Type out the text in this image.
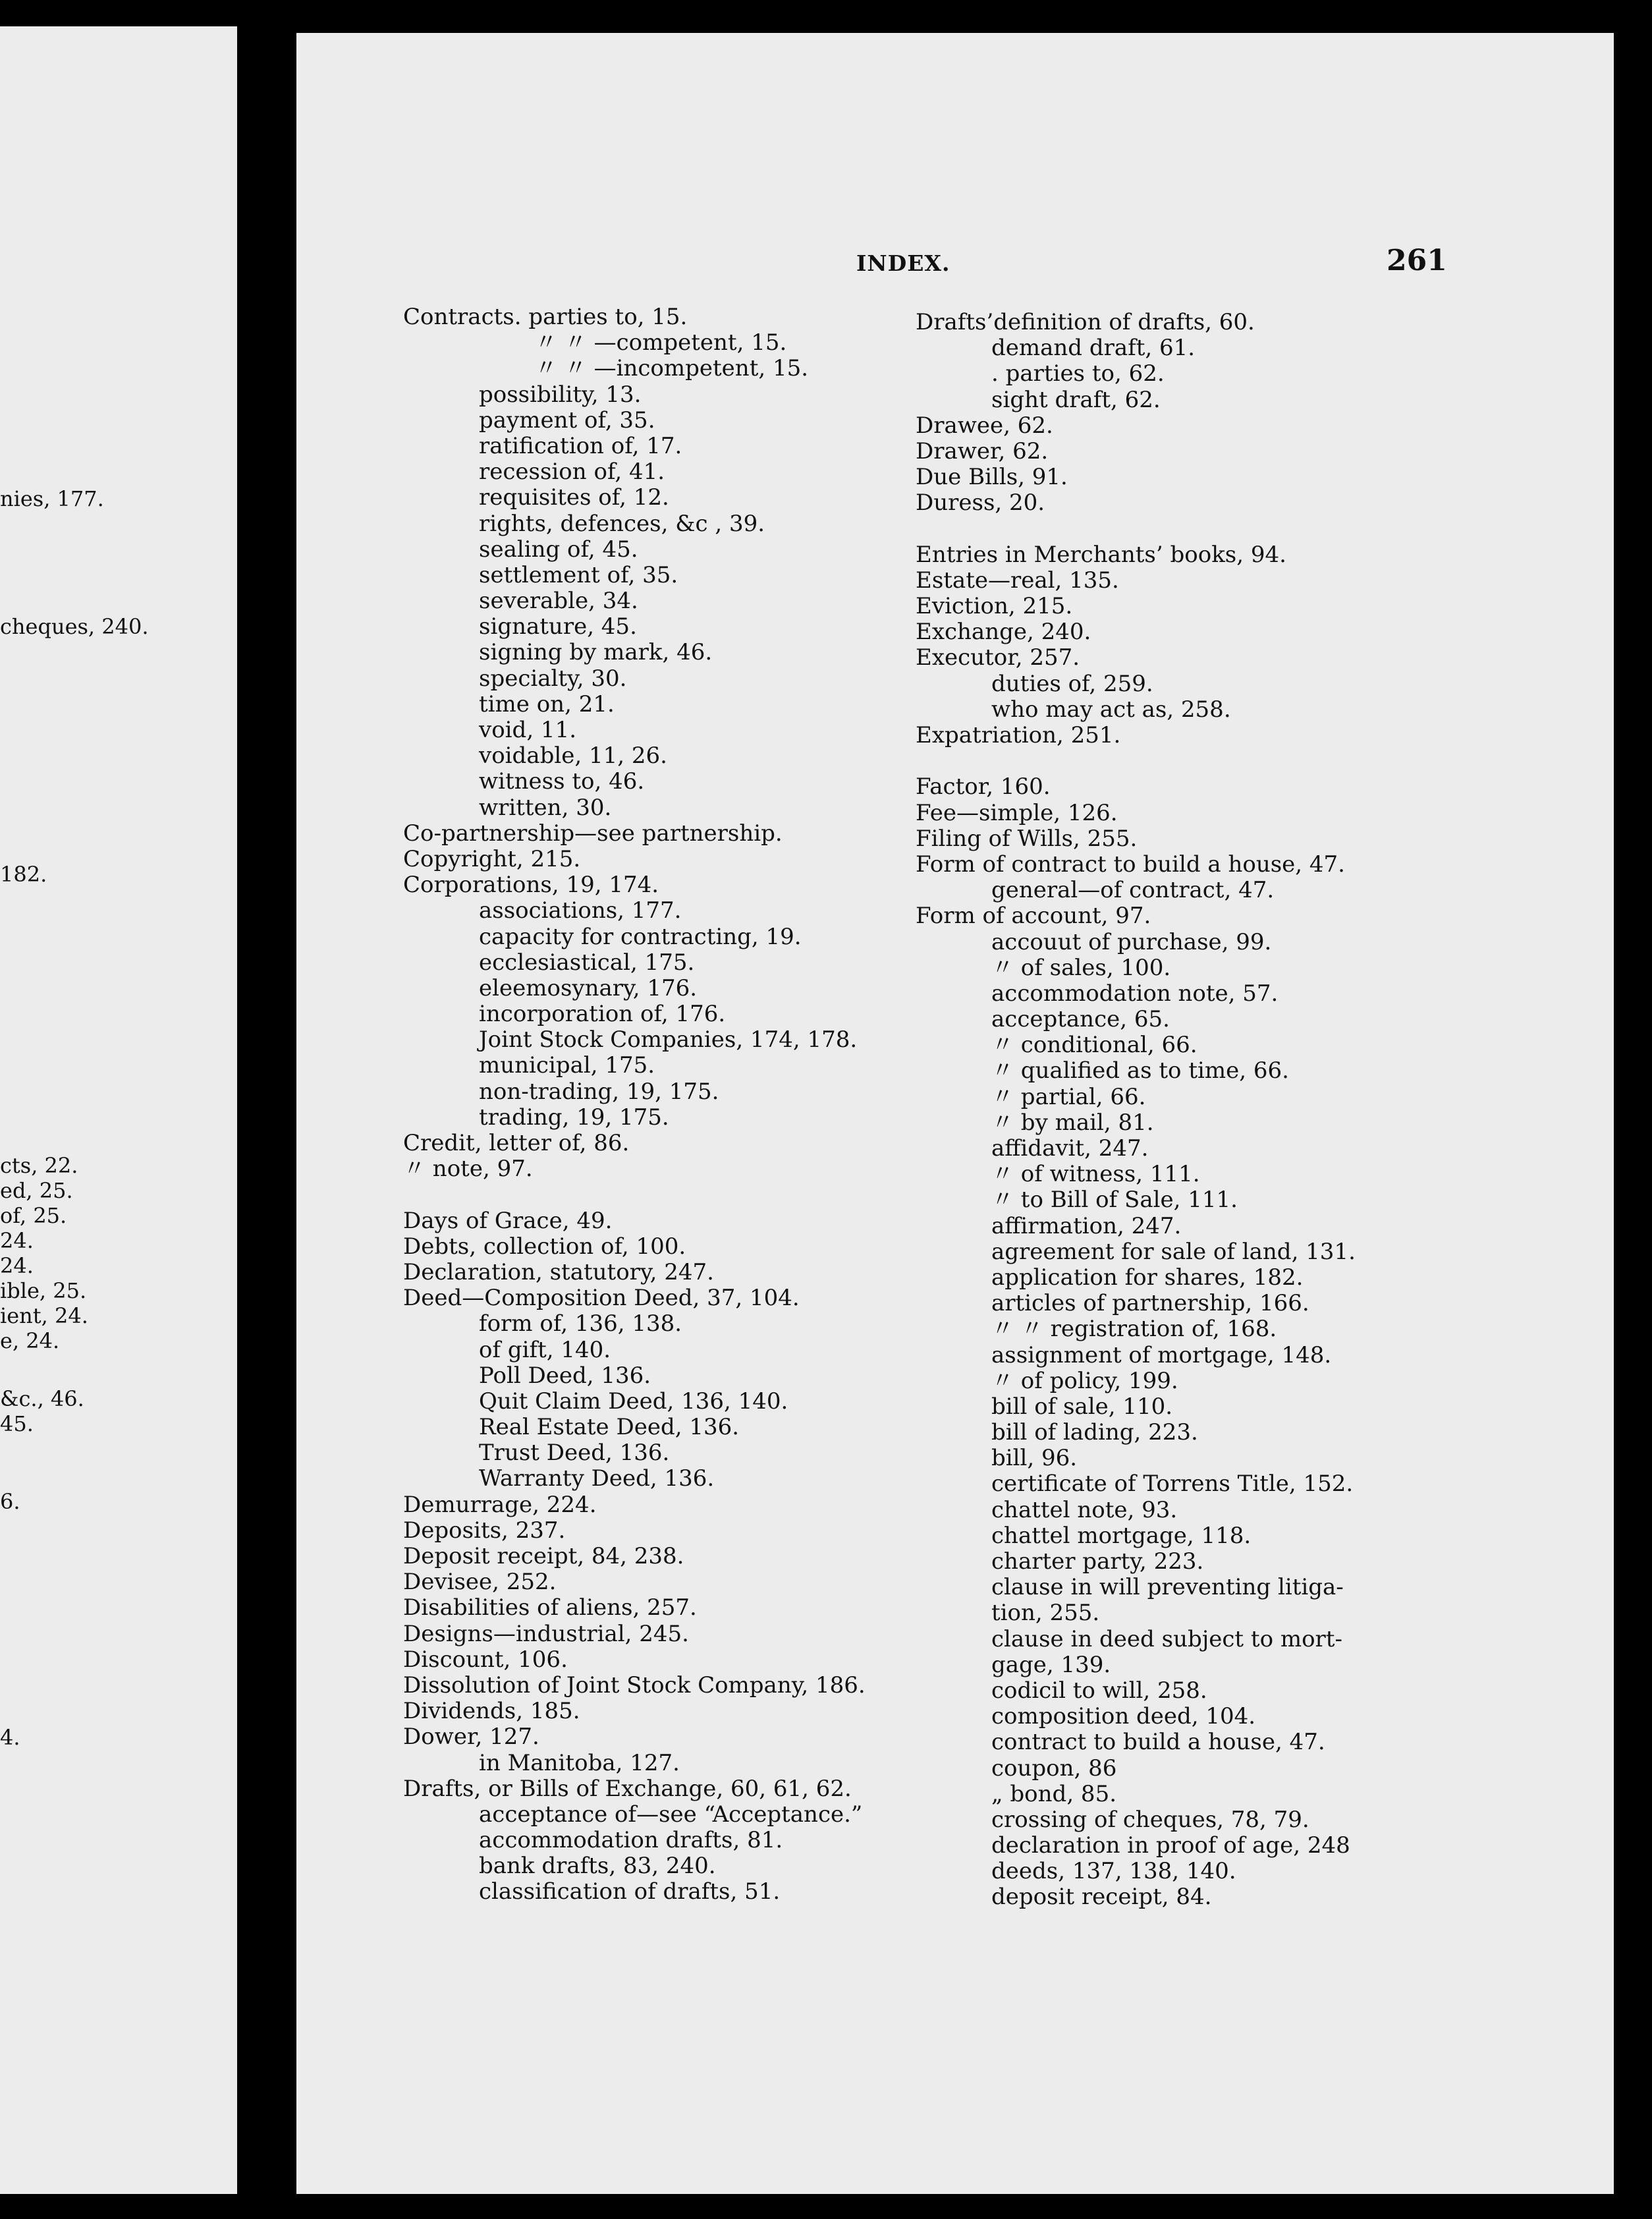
nies, 177.
cheques, 240.
182.
cts, 22.
ed, 25.
of, 25.
24.
24.
ible, 25.
ient, 24.
e, 24.
&c., 46.
45.
6.
4.
INDEX.	261
Contracts. parties to, 15.
〃 〃 —competent, 15.
〃 〃 —incompetent, 15.
possibility, 13.
payment of, 35.
ratification of, 17.
recession of, 41.
requisites of, 12.
rights, defences, &c , 39.
sealing of, 45.
settlement of, 35.
severable, 34.
signature, 45.
signing by mark, 46.
specialty, 30.
time on, 21.
void, 11.
voidable, 11, 26.
witness to, 46.
written, 30.
Co-partnership—see partnership.
Copyright, 215.
Corporations, 19, 174.
associations, 177.
capacity for contracting, 19.
ecclesiastical, 175.
eleemosynary, 176.
incorporation of, 176.
Joint Stock Companies, 174, 178.
municipal, 175.
non-trading, 19, 175.
trading, 19, 175.
Credit, letter of, 86.
〃 note, 97.
Days of Grace, 49.
Debts, collection of, 100.
Declaration, statutory, 247.
Deed—Composition Deed, 37, 104.
form of, 136, 138.
of gift, 140.
Poll Deed, 136.
Quit Claim Deed, 136, 140.
Real Estate Deed, 136.
Trust Deed, 136.
Warranty Deed, 136.
Demurrage, 224.
Deposits, 237.
Deposit receipt, 84, 238.
Devisee, 252.
Disabilities of aliens, 257.
Designs—industrial, 245.
Discount, 106.
Dissolution of Joint Stock Company, 186.
Dividends, 185.
Dower, 127.
in Manitoba, 127.
Drafts, or Bills of Exchange, 60, 61, 62.
acceptance of—see “Acceptance.”
accommodation drafts, 81.
bank drafts, 83, 240.
classification of drafts, 51.
Drafts’definition of drafts, 60.
demand draft, 61.
. parties to, 62.
sight draft, 62.
Drawee, 62.
Drawer, 62.
Due Bills, 91.
Duress, 20.
Entries in Merchants’ books, 94.
Estate—real, 135.
Eviction, 215.
Exchange, 240.
Executor, 257.
duties of, 259.
who may act as, 258.
Expatriation, 251.
Factor, 160.
Fee—simple, 126.
Filing of Wills, 255.
Form of contract to build a house, 47.
general—of contract, 47.
Form of account, 97.
accouut of purchase, 99.
〃 of sales, 100.
accommodation note, 57.
acceptance, 65.
〃 conditional, 66.
〃 qualified as to time, 66.
〃 partial, 66.
〃 by mail, 81.
affidavit, 247.
〃 of witness, 111.
〃 to Bill of Sale, 111.
affirmation, 247.
agreement for sale of land, 131.
application for shares, 182.
articles of partnership, 166.
〃 〃 registration of, 168.
assignment of mortgage, 148.
〃 of policy, 199.
bill of sale, 110.
bill of lading, 223.
bill, 96.
certificate of Torrens Title, 152.
chattel note, 93.
chattel mortgage, 118.
charter party, 223.
clause in will preventing litiga-
tion, 255.
clause in deed subject to mort-
gage, 139.
codicil to will, 258.
composition deed, 104.
contract to build a house, 47.
coupon, 86
„ bond, 85.
crossing of cheques, 78, 79.
declaration in proof of age, 248
deeds, 137, 138, 140.
deposit receipt, 84.
